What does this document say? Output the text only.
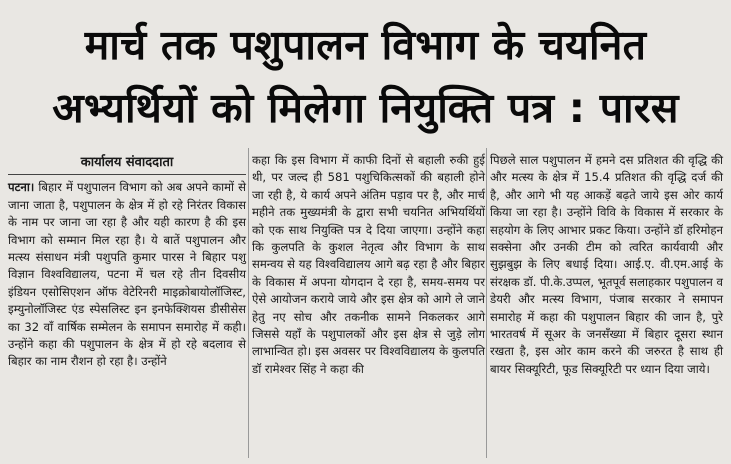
मार्च तक पशुपालन विभाग के चयनित
अभ्यर्थियों को मिलेगा नियुक्ति पत्र : पारस
कार्यालय संवाददाता
पटना। बिहार में पशुपालन विभाग को अब अपने कामों से जाना जाता है, पशुपालन के क्षेत्र में हो रहे निरंतर विकास के नाम पर जाना जा रहा है और यही कारण है की इस विभाग को सम्मान मिल रहा है। ये बातें पशुपालन और मत्स्य संसाधन मंत्री पशुपति कुमार पारस ने बिहार पशु विज्ञान विश्वविद्यालय, पटना में चल रहे तीन दिवसीय इंडियन एसोसिएशन ऑफ वेटेरिनरी माइक्रोबायोलॉजिस्ट, इम्युनोलॉजिस्ट एंड स्पेसलिस्ट इन इनफेक्शियस डीसीसेस का 32 वाँ वार्षिक सम्मेलन के समापन समारोह में कही। उन्होंने कहा की पशुपालन के क्षेत्र में हो रहे बदलाव से बिहार का नाम रौशन हो रहा है। उन्होंने
कहा कि इस विभाग में काफी दिनों से बहाली रुकी हुई थी, पर जल्द ही 581 पशुचिकित्सकों की बहाली होने जा रही है, ये कार्य अपने अंतिम पड़ाव पर है, और मार्च महीने तक मुख्यमंत्री के द्वारा सभी चयनित अभियर्थियों को एक साथ नियुक्ति पत्र दे दिया जाएगा। उन्होंने कहा कि कुलपति के कुशल नेतृत्व और विभाग के साथ समन्वय से यह विश्वविद्यालय आगे बढ़ रहा है और बिहार के विकास में अपना योगदान दे रहा है, समय-समय पर ऐसे आयोजन कराये जाये और इस क्षेत्र को आगे ले जाने हेतु नए सोच और तकनीक सामने निकलकर आगे जिससे यहाँ के पशुपालकों और इस क्षेत्र से जुड़े लोग लाभान्वित हो। इस अवसर पर विश्वविद्यालय के कुलपति डॉ रामेश्वर सिंह ने कहा की
पिछले साल पशुपालन में हमने दस प्रतिशत की वृद्धि की और मत्स्य के क्षेत्र में 15.4 प्रतिशत की वृद्धि दर्ज की है, और आगे भी यह आकड़ें बढ़ते जाये इस ओर कार्य किया जा रहा है। उन्होंने विवि के विकास में सरकार के सहयोग के लिए आभार प्रकट किया। उन्होंने डॉ हरिमोहन सक्सेना और उनकी टीम को त्वरित कार्यवायी और सुझबुझ के लिए बधाई दिया। आई.ए. वी.एम.आई के संरक्षक डॉ. पी.के.उप्पल, भूतपूर्व सलाहकार पशुपालन व डेयरी और मत्स्य विभाग, पंजाब सरकार ने समापन समारोह में कहा की पशुपालन बिहार की जान है, पुरे भारतवर्ष में सूअर के जनसँख्या में बिहार दूसरा स्थान रखता है, इस ओर काम करने की जरुरत है साथ ही बायर सिक्यूरिटी, फूड सिक्यूरिटी पर ध्यान दिया जाये।
